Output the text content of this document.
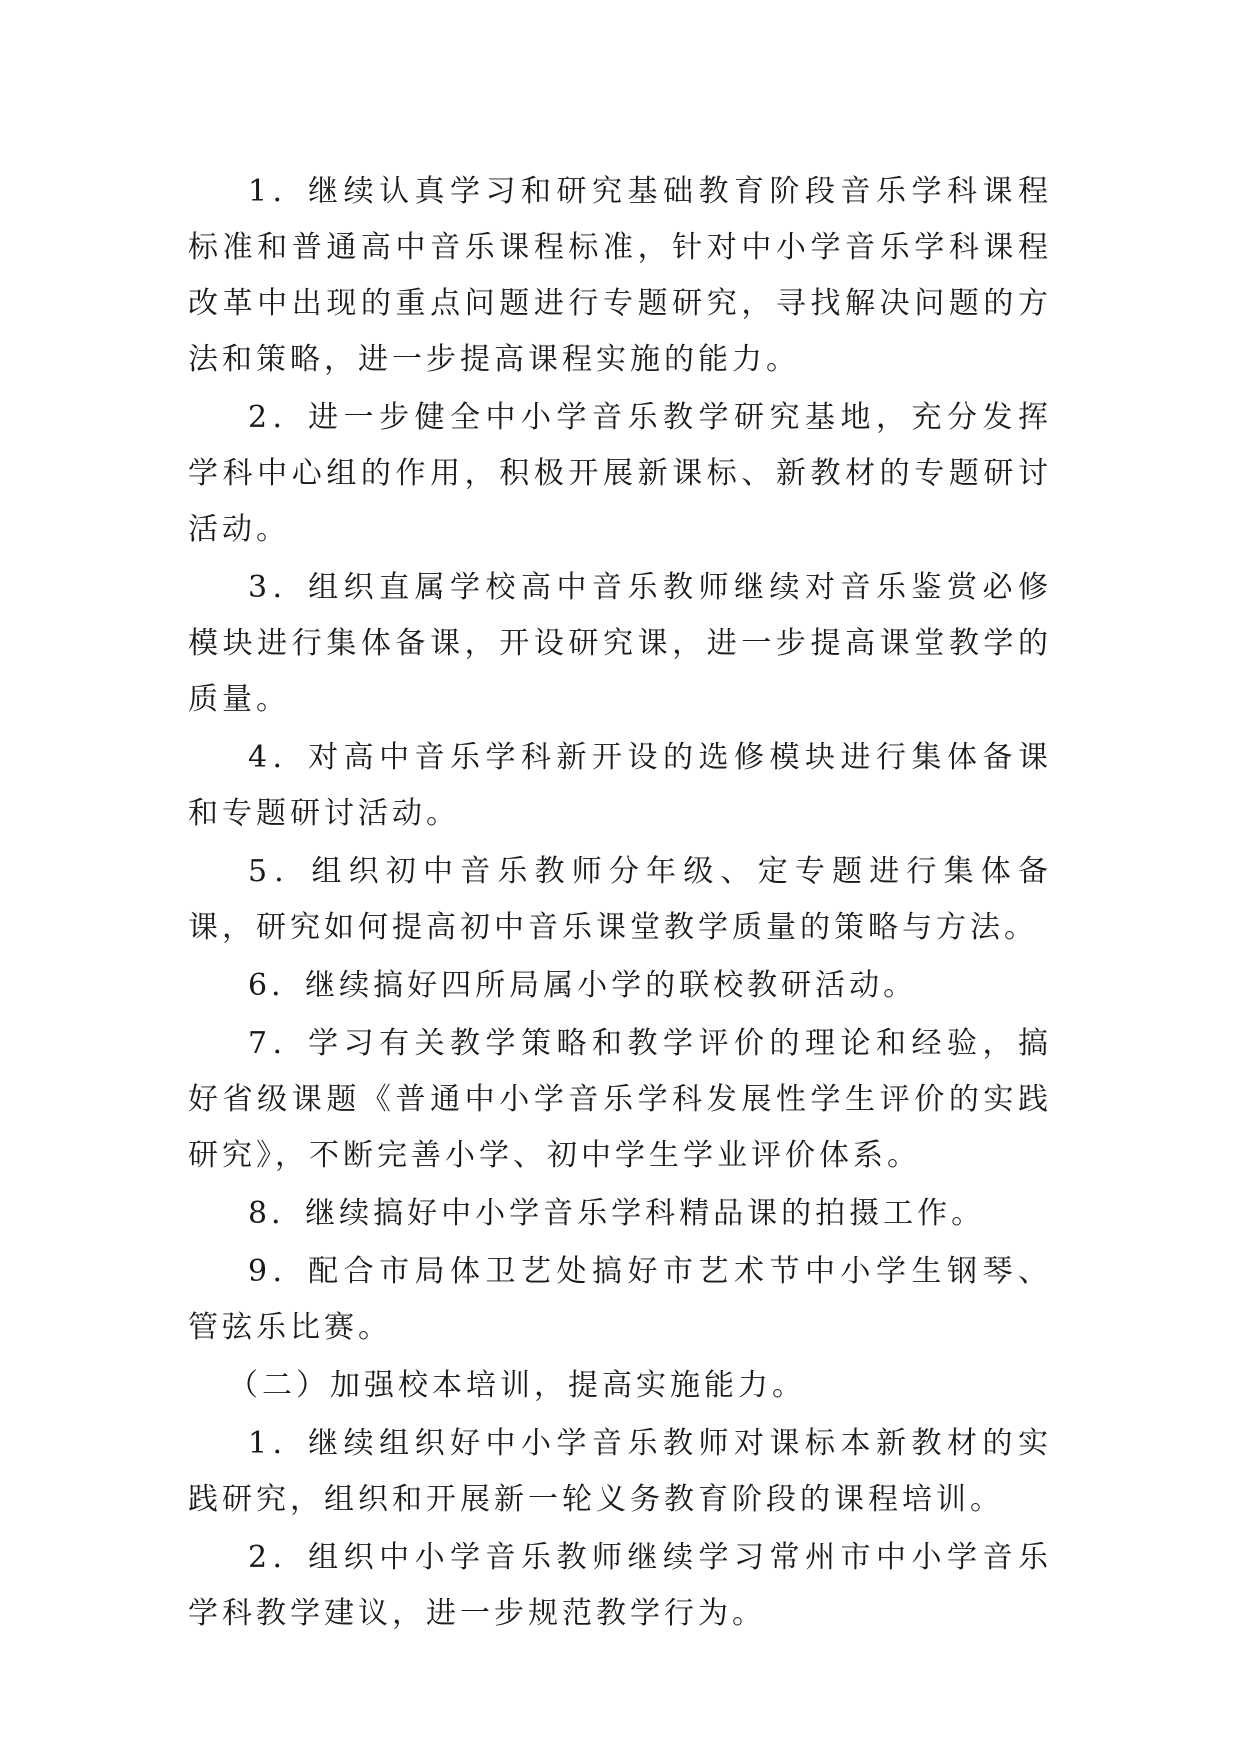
1．继续认真学习和研究基础教育阶段音乐学科课程标准和普通高中音乐课程标准，针对中小学音乐学科课程改革中出现的重点问题进行专题研究，寻找解决问题的方法和策略，进一步提高课程实施的能力。

2．进一步健全中小学音乐教学研究基地，充分发挥学科中心组的作用，积极开展新课标、新教材的专题研讨活动。

3．组织直属学校高中音乐教师继续对音乐鉴赏必修模块进行集体备课，开设研究课，进一步提高课堂教学的质量。

4．对高中音乐学科新开设的选修模块进行集体备课和专题研讨活动。

5．组织初中音乐教师分年级、定专题进行集体备课，研究如何提高初中音乐课堂教学质量的策略与方法。

6．继续搞好四所局属小学的联校教研活动。

7．学习有关教学策略和教学评价的理论和经验，搞好省级课题《普通中小学音乐学科发展性学生评价的实践研究》，不断完善小学、初中学生学业评价体系。

8．继续搞好中小学音乐学科精品课的拍摄工作。

9．配合市局体卫艺处搞好市艺术节中小学生钢琴、管弦乐比赛。

（二）加强校本培训，提高实施能力。

1．继续组织好中小学音乐教师对课标本新教材的实践研究，组织和开展新一轮义务教育阶段的课程培训。

2．组织中小学音乐教师继续学习常州市中小学音乐学科教学建议，进一步规范教学行为。
